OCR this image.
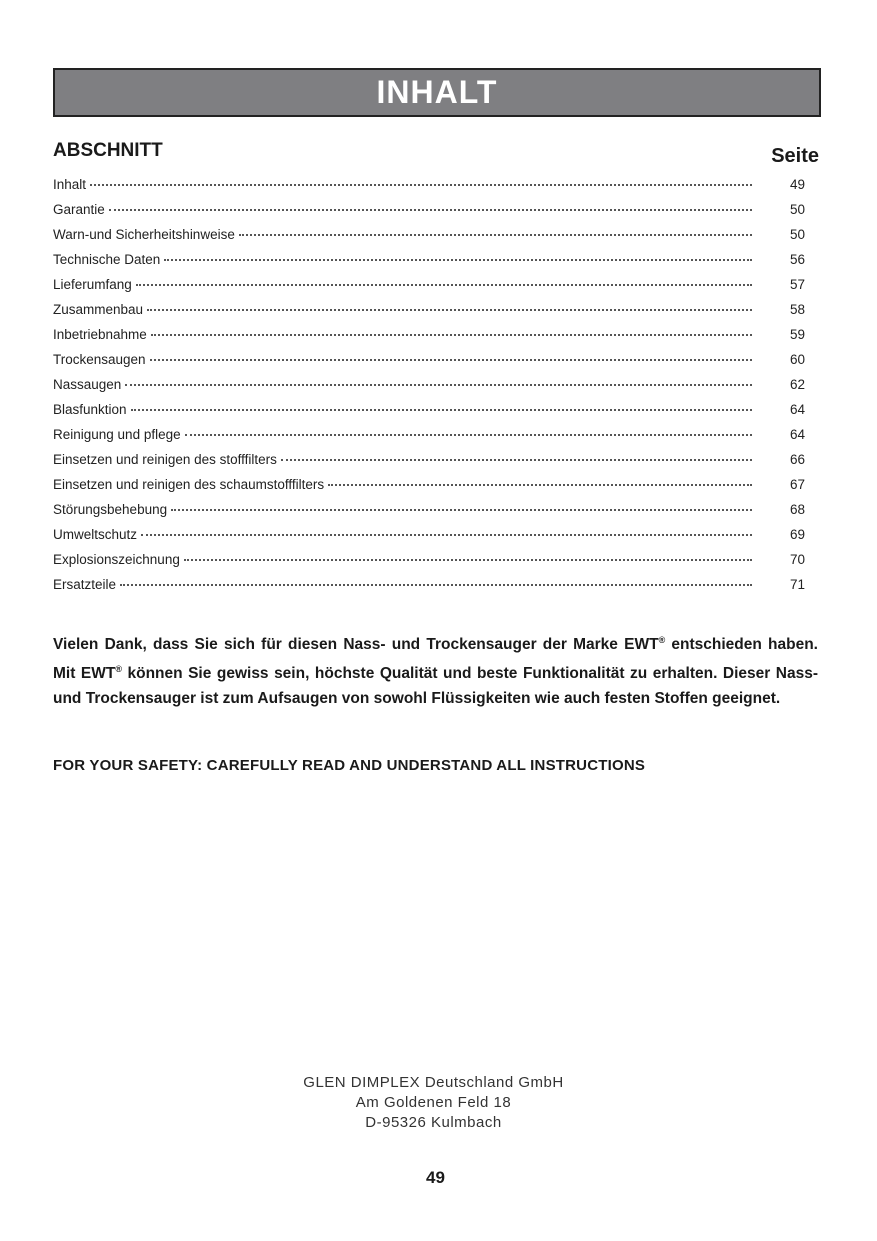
INHALT
ABSCHNITT	Seite
Inhalt	49
Garantie	50
Warn-und Sicherheitshinweise	50
Technische Daten	56
Lieferumfang	57
Zusammenbau	58
Inbetriebnahme	59
Trockensaugen	60
Nassaugen	62
Blasfunktion	64
Reinigung und pflege	64
Einsetzen und reinigen des stofffilters	66
Einsetzen und reinigen des schaumstofffilters	67
Störungsbehebung	68
Umweltschutz	69
Explosionszeichnung	70
Ersatzteile	71
Vielen Dank, dass Sie sich für diesen Nass- und Trockensauger der Marke EWT® entschieden haben. Mit EWT® können Sie gewiss sein, höchste Qualität und beste Funktionalität zu erhalten. Dieser Nass- und Trockensauger ist zum Aufsaugen von sowohl Flüssigkeiten wie auch festen Stoffen geeignet.
FOR YOUR SAFETY: CAREFULLY READ AND UNDERSTAND ALL INSTRUCTIONS
GLEN DIMPLEX Deutschland GmbH
Am Goldenen Feld 18
D-95326 Kulmbach
49
